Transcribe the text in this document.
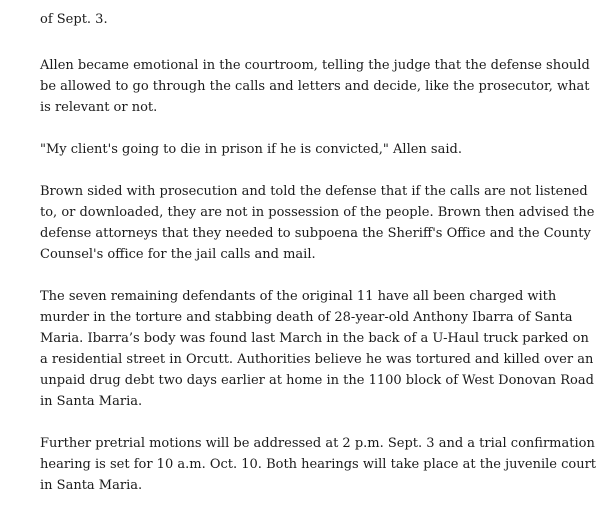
of Sept. 3.

Allen became emotional in the courtroom, telling the judge that the defense should be allowed to go through the calls and letters and decide, like the prosecutor, what is relevant or not.

"My client's going to die in prison if he is convicted," Allen said.

Brown sided with prosecution and told the defense that if the calls are not listened to, or downloaded, they are not in possession of the people. Brown then advised the defense attorneys that they needed to subpoena the Sheriff's Office and the County Counsel's office for the jail calls and mail.

The seven remaining defendants of the original 11 have all been charged with murder in the torture and stabbing death of 28-year-old Anthony Ibarra of Santa Maria. Ibarra’s body was found last March in the back of a U-Haul truck parked on a residential street in Orcutt. Authorities believe he was tortured and killed over an unpaid drug debt two days earlier at home in the 1100 block of West Donovan Road in Santa Maria.

Further pretrial motions will be addressed at 2 p.m. Sept. 3 and a trial confirmation hearing is set for 10 a.m. Oct. 10. Both hearings will take place at the juvenile court in Santa Maria.
